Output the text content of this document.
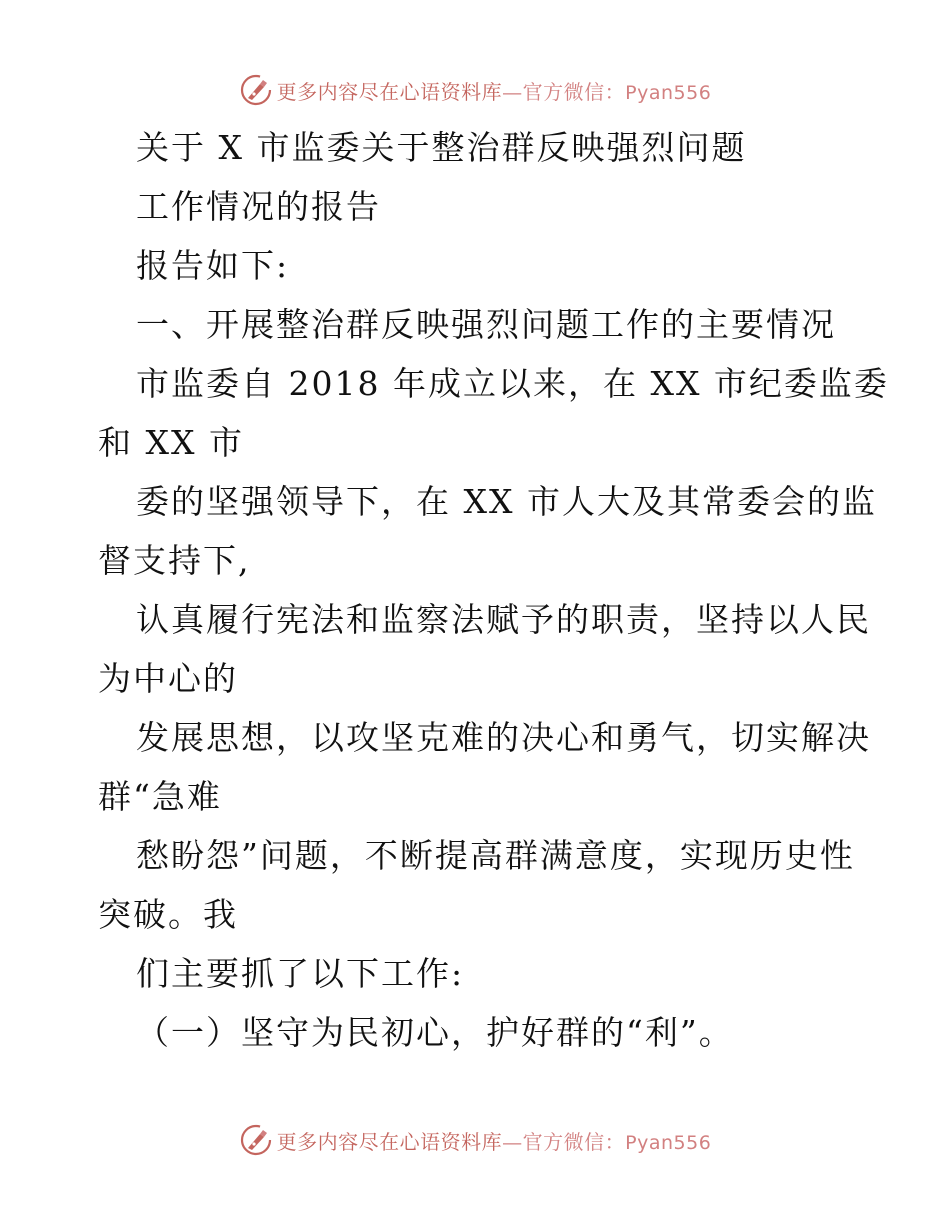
更多内容尽在心语资料库—官方微信：Pyan556
关于 X 市监委关于整治群反映强烈问题
工作情况的报告
报告如下:
一、开展整治群反映强烈问题工作的主要情况
市监委自 2018 年成立以来，在 XX 市纪委监委
和 XX 市
委的坚强领导下，在 XX 市人大及其常委会的监
督支持下,
认真履行宪法和监察法赋予的职责，坚持以人民
为中心的
发展思想，以攻坚克难的决心和勇气，切实解决
群“急难
愁盼怨”问题，不断提高群满意度，实现历史性
突破。我
们主要抓了以下工作:
（一）坚守为民初心，护好群的“利”。
更多内容尽在心语资料库—官方微信：Pyan556
